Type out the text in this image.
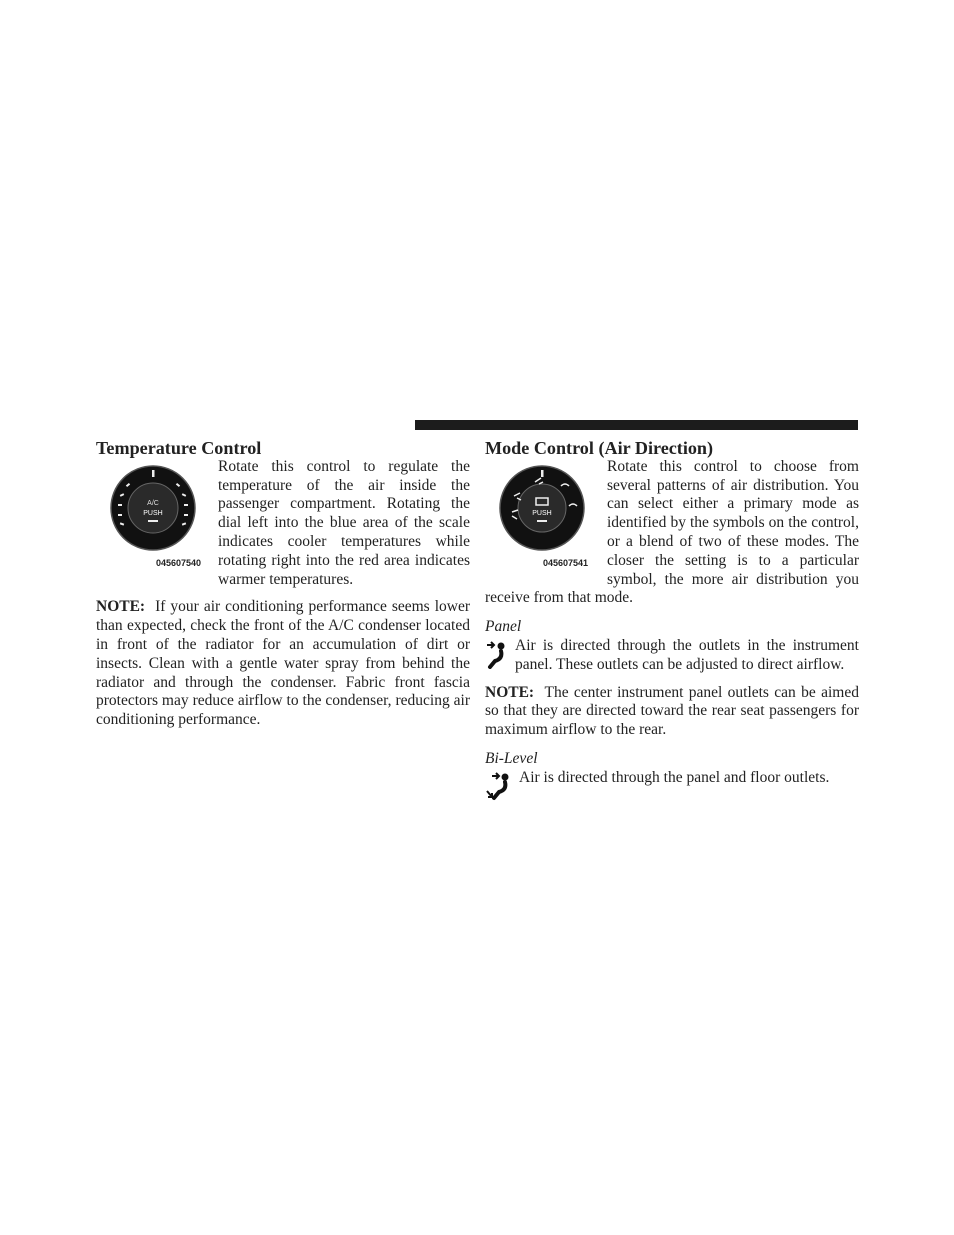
Temperature Control
A/C
PUSH
045607540

Rotate this control to regulate the temperature of the air inside the passenger compartment. Rotating the dial left into the blue area of the scale indicates cooler temperatures while rotating right into the red area indicates warmer temperatures.

NOTE: If your air conditioning performance seems lower than expected, check the front of the A/C condenser located in front of the radiator for an accumulation of dirt or insects. Clean with a gentle water spray from behind the radiator and through the condenser. Fabric front fascia protectors may reduce airflow to the condenser, reducing air conditioning performance.

Mode Control (Air Direction)
PUSH
045607541

Rotate this control to choose from several patterns of air distribution. You can select either a primary mode as identified by the symbols on the control, or a blend of two of these modes. The closer the setting is to a particular symbol, the more air distribution you receive from that mode.

Panel

Air is directed through the outlets in the instrument panel. These outlets can be adjusted to direct airflow.

NOTE: The center instrument panel outlets can be aimed so that they are directed toward the rear seat passengers for maximum airflow to the rear.

Bi-Level

Air is directed through the panel and floor outlets.
